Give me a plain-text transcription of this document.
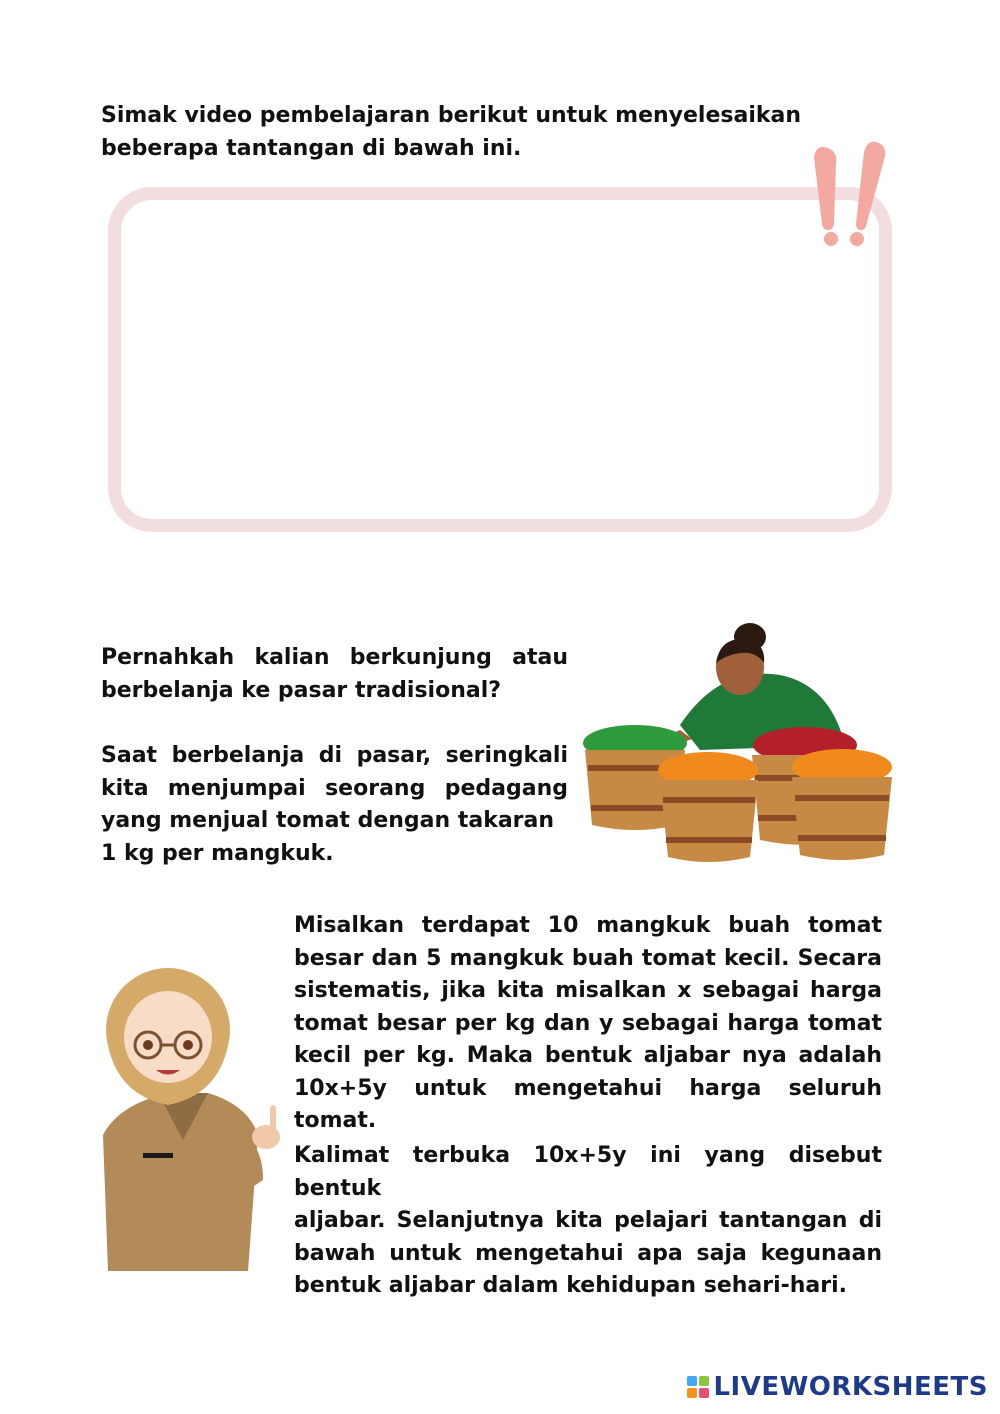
Simak video pembelajaran berikut untuk menyelesaikan
beberapa tantangan di bawah ini.

Pernahkah kalian berkunjung atau
berbelanja ke pasar tradisional?

Saat berbelanja di pasar, seringkali
kita menjumpai seorang pedagang
yang menjual tomat dengan takaran
1 kg per mangkuk.

Misalkan terdapat 10 mangkuk buah tomat
besar dan 5 mangkuk buah tomat kecil. Secara
sistematis, jika kita misalkan x sebagai harga
tomat besar per kg dan y sebagai harga tomat
kecil per kg. Maka bentuk aljabar nya adalah
10x+5y untuk mengetahui harga seluruh tomat.

Kalimat terbuka 10x+5y ini yang disebut bentuk
aljabar. Selanjutnya kita pelajari tantangan di
bawah untuk mengetahui apa saja kegunaan
bentuk aljabar dalam kehidupan sehari-hari.

LIVEWORKSHEETS
